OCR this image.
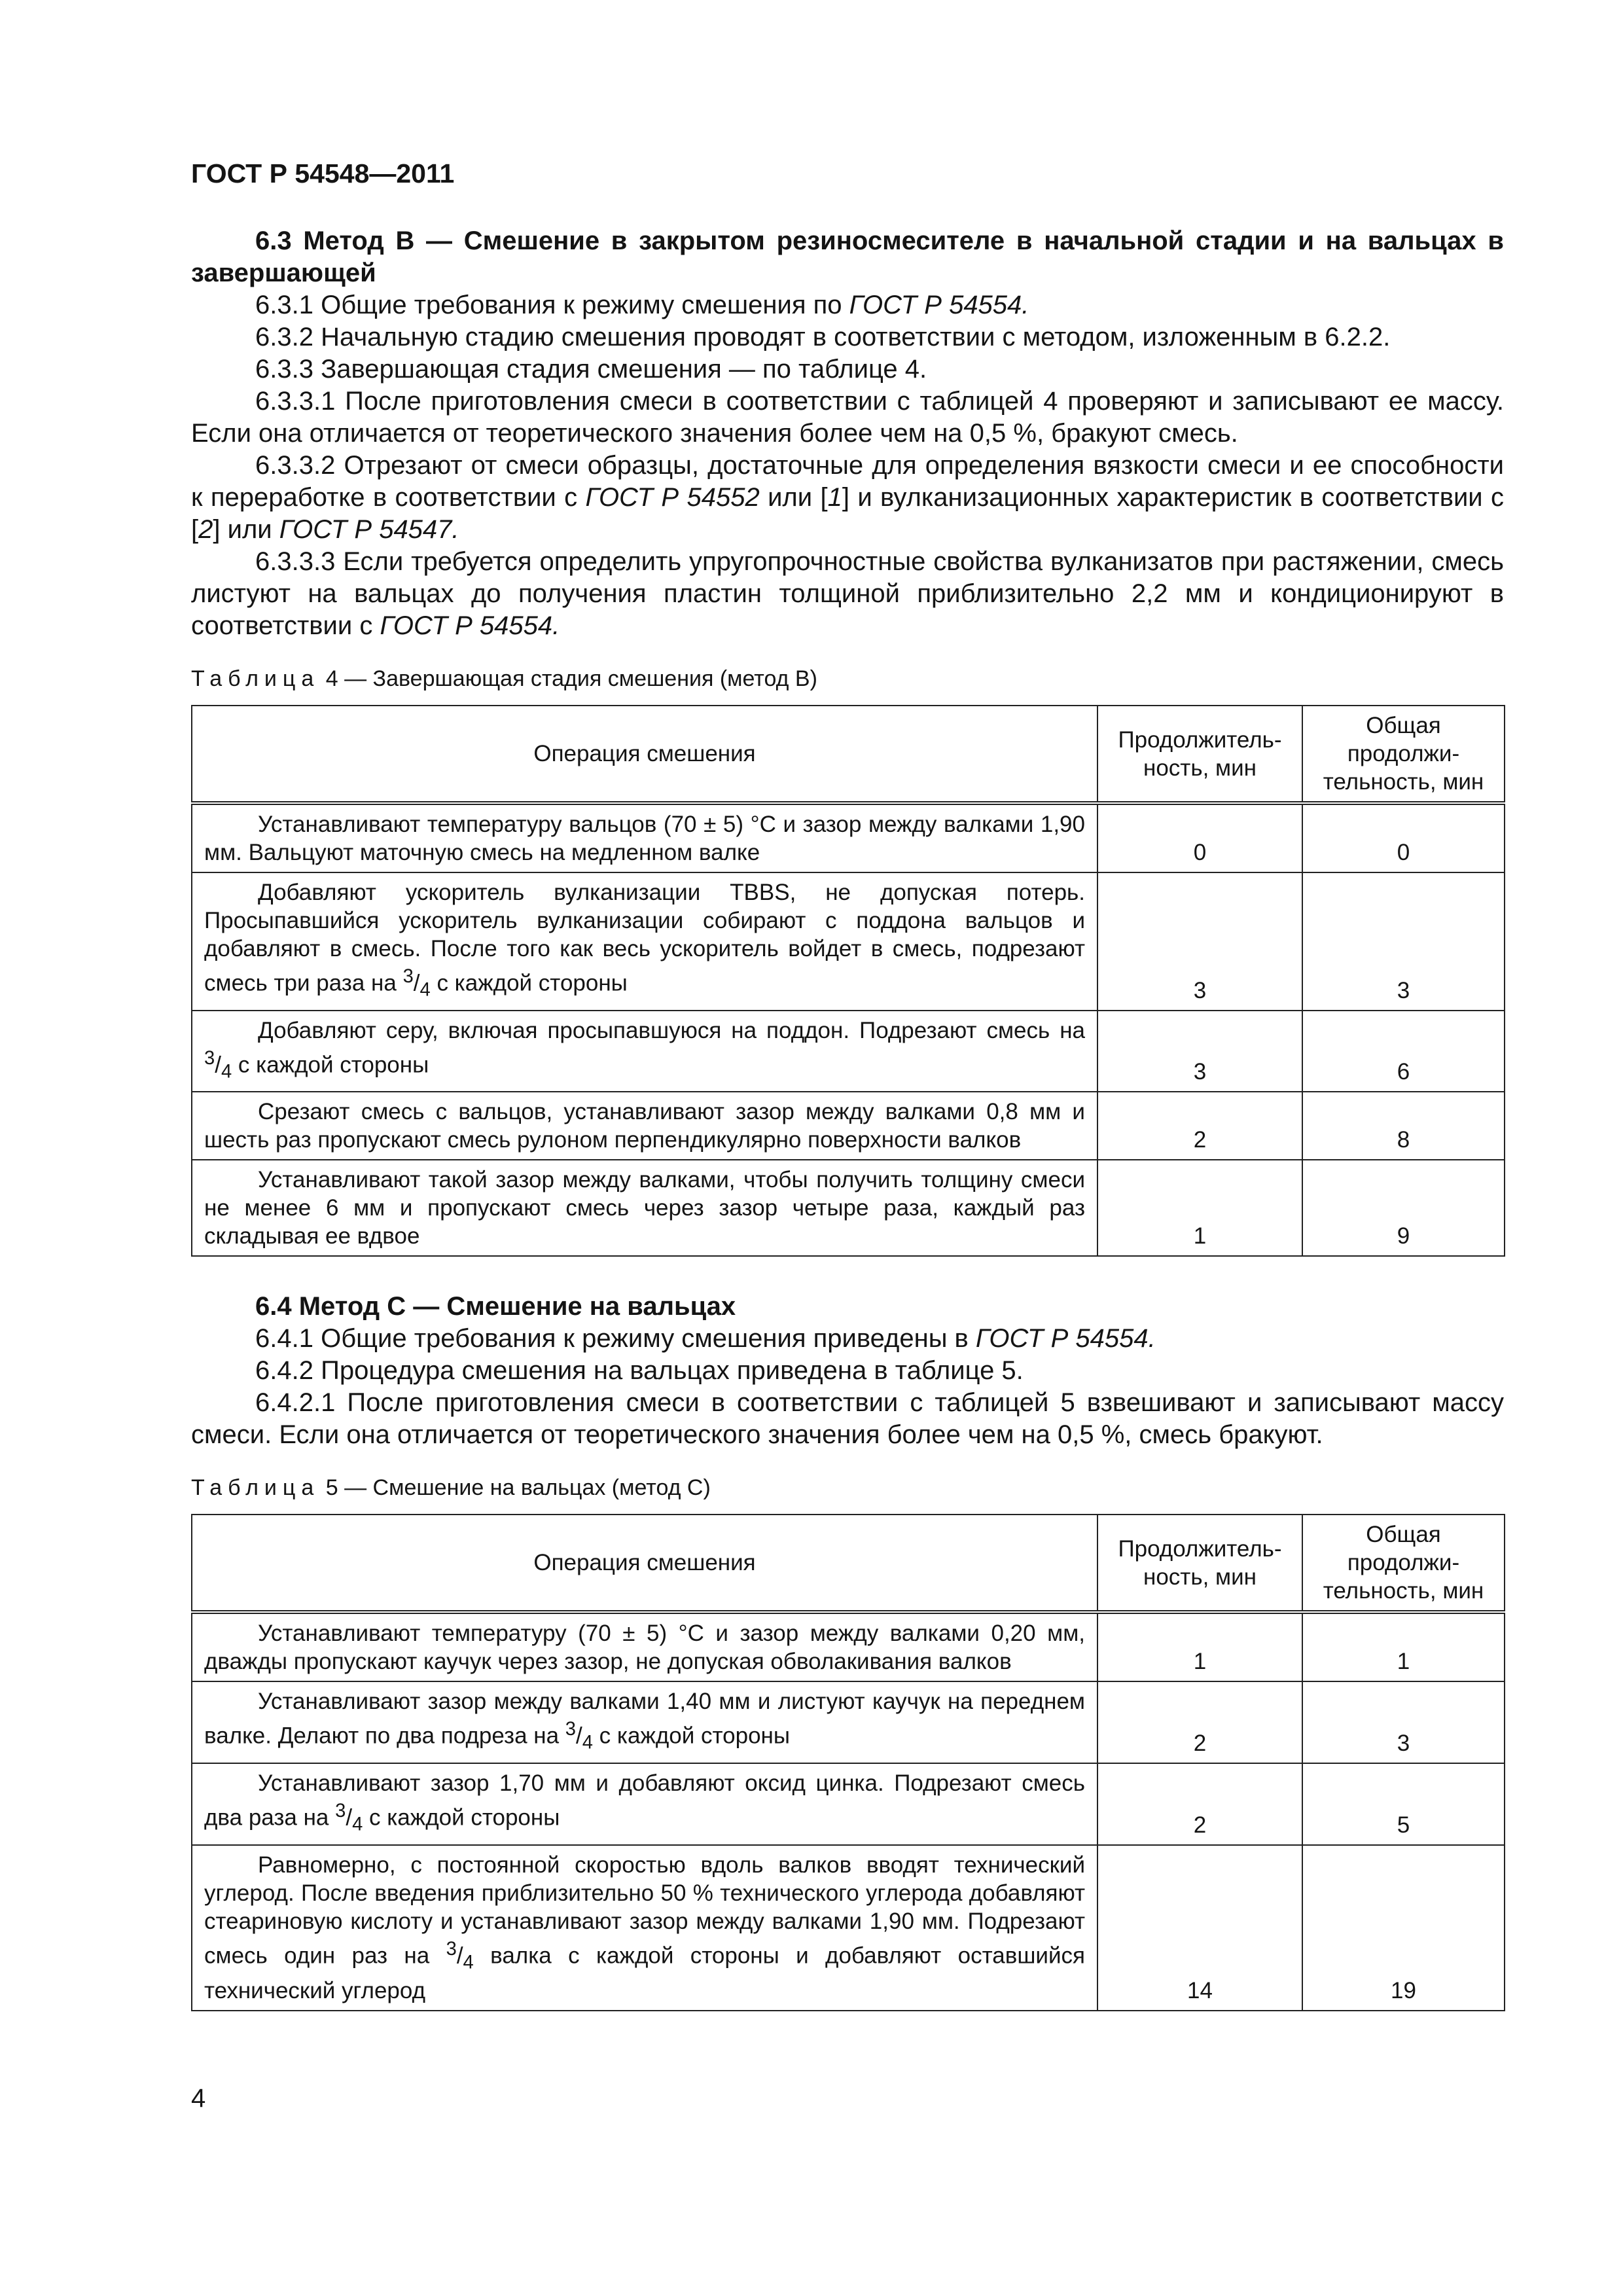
ГОСТ Р 54548—2011
6.3 Метод В — Смешение в закрытом резиносмесителе в начальной стадии и на вальцах в завершающей
6.3.1 Общие требования к режиму смешения по ГОСТ Р 54554.
6.3.2 Начальную стадию смешения проводят в соответствии с методом, изложенным в 6.2.2.
6.3.3 Завершающая стадия смешения — по таблице 4.
6.3.3.1 После приготовления смеси в соответствии с таблицей 4 проверяют и записывают ее массу. Если она отличается от теоретического значения более чем на 0,5 %, бракуют смесь.
6.3.3.2 Отрезают от смеси образцы, достаточные для определения вязкости смеси и ее способности к переработке в соответствии с ГОСТ Р 54552 или [1] и вулканизационных характеристик в соответствии с [2] или ГОСТ Р 54547.
6.3.3.3 Если требуется определить упругопрочностные свойства вулканизатов при растяжении, смесь листуют на вальцах до получения пластин толщиной приблизительно 2,2 мм и кондиционируют в соответствии с ГОСТ Р 54554.
Таблица 4 — Завершающая стадия смешения (метод В)
Операция смешения	Продолжитель-ность, мин	Общая продолжи-тельность, мин

Устанавливают температуру вальцов (70 ± 5) °С и зазор между валками 1,90 мм. Вальцуют маточную смесь на медленном валке	0	0

Добавляют ускоритель вулканизации TBBS, не допуская потерь. Просыпавшийся ускоритель вулканизации собирают с поддона вальцов и добавляют в смесь. После того как весь ускоритель войдет в смесь, подрезают смесь три раза на $^3/_4$ с каждой стороны	3	3

Добавляют серу, включая просыпавшуюся на поддон. Подрезают смесь на $^3/_4$ с каждой стороны	3	6

Срезают смесь с вальцов, устанавливают зазор между валками 0,8 мм и шесть раз пропускают смесь рулоном перпендикулярно поверхности валков	2	8

Устанавливают такой зазор между валками, чтобы получить толщину смеси не менее 6 мм и пропускают смесь через зазор четыре раза, каждый раз складывая ее вдвое	1	9
6.4 Метод С — Смешение на вальцах
6.4.1 Общие требования к режиму смешения приведены в ГОСТ Р 54554.
6.4.2 Процедура смешения на вальцах приведена в таблице 5.
6.4.2.1 После приготовления смеси в соответствии с таблицей 5 взвешивают и записывают массу смеси. Если она отличается от теоретического значения более чем на 0,5 %, смесь бракуют.
Таблица 5 — Смешение на вальцах (метод С)
Операция смешения	Продолжитель-ность, мин	Общая продолжи-тельность, мин

Устанавливают температуру (70 ± 5) °С и зазор между валками 0,20 мм, дважды пропускают каучук через зазор, не допуская обволакивания валков	1	1

Устанавливают зазор между валками 1,40 мм и листуют каучук на переднем валке. Делают по два подреза на $^3/_4$ с каждой стороны	2	3

Устанавливают зазор 1,70 мм и добавляют оксид цинка. Подрезают смесь два раза на $^3/_4$ с каждой стороны	2	5

Равномерно, с постоянной скоростью вдоль валков вводят технический углерод. После введения приблизительно 50 % технического углерода добавляют стеариновую кислоту и устанавливают зазор между валками 1,90 мм. Подрезают смесь один раз на $^3/_4$ валка с каждой стороны и добавляют оставшийся технический углерод	14	19
4
